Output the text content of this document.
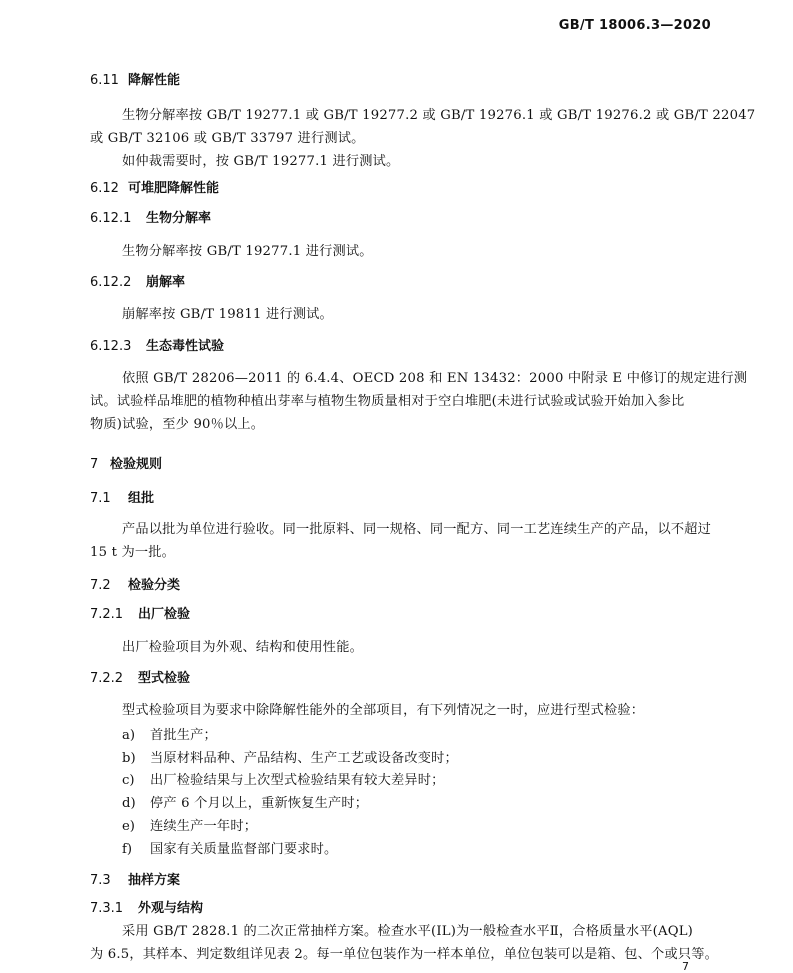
GB/T 18006.3—2020
6.11 降解性能
生物分解率按 GB/T 19277.1 或 GB/T 19277.2 或 GB/T 19276.1 或 GB/T 19276.2 或 GB/T 22047
或 GB/T 32106 或 GB/T 33797 进行测试。
如仲裁需要时，按 GB/T 19277.1 进行测试。
6.12 可堆肥降解性能
6.12.1 生物分解率
生物分解率按 GB/T 19277.1 进行测试。
6.12.2 崩解率
崩解率按 GB/T 19811 进行测试。
6.12.3 生态毒性试验
依照 GB/T 28206—2011 的 6.4.4、OECD 208 和 EN 13432：2000 中附录 E 中修订的规定进行测
试。试验样品堆肥的植物种植出芽率与植物生物质量相对于空白堆肥(未进行试验或试验开始加入参比
物质)试验，至少 90％以上。
7 检验规则
7.1 组批
产品以批为单位进行验收。同一批原料、同一规格、同一配方、同一工艺连续生产的产品，以不超过
15 t 为一批。
7.2 检验分类
7.2.1 出厂检验
出厂检验项目为外观、结构和使用性能。
7.2.2 型式检验
型式检验项目为要求中除降解性能外的全部项目，有下列情况之一时，应进行型式检验：
a) 首批生产；
b) 当原材料品种、产品结构、生产工艺或设备改变时；
c) 出厂检验结果与上次型式检验结果有较大差异时；
d) 停产 6 个月以上，重新恢复生产时；
e) 连续生产一年时；
f) 国家有关质量监督部门要求时。
7.3 抽样方案
7.3.1 外观与结构
采用 GB/T 2828.1 的二次正常抽样方案。检查水平(IL)为一般检查水平Ⅱ，合格质量水平(AQL)
为 6.5，其样本、判定数组详见表 2。每一单位包装作为一样本单位，单位包装可以是箱、包、个或只等。
7
